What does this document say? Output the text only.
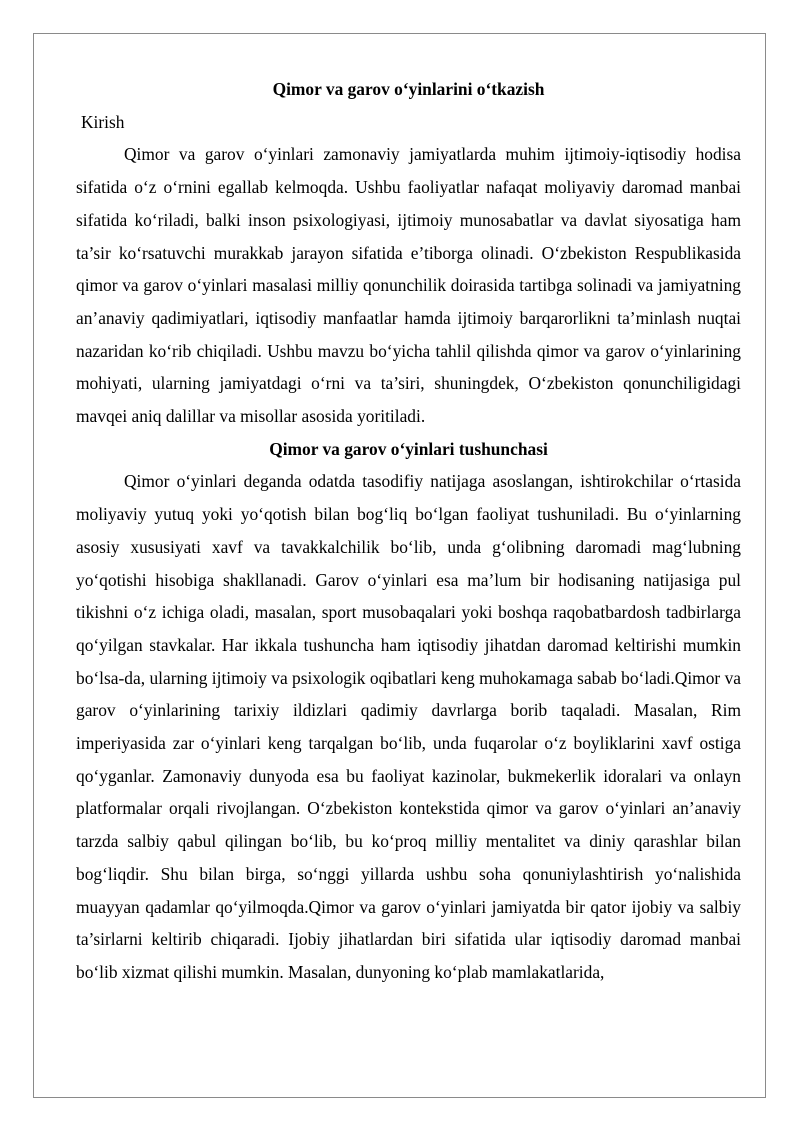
Qimor va garov o‘yinlarini o‘tkazish

Kirish

Qimor va garov o‘yinlari zamonaviy jamiyatlarda muhim ijtimoiy-iqtisodiy hodisa sifatida o‘z o‘rnini egallab kelmoqda. Ushbu faoliyatlar nafaqat moliyaviy daromad manbai sifatida ko‘riladi, balki inson psixologiyasi, ijtimoiy munosabatlar va davlat siyosatiga ham ta’sir ko‘rsatuvchi murakkab jarayon sifatida e’tiborga olinadi. O‘zbekiston Respublikasida qimor va garov o‘yinlari masalasi milliy qonunchilik doirasida tartibga solinadi va jamiyatning an’anaviy qadimiyatlari, iqtisodiy manfaatlar hamda ijtimoiy barqarorlikni ta’minlash nuqtai nazaridan ko‘rib chiqiladi. Ushbu mavzu bo‘yicha tahlil qilishda qimor va garov o‘yinlarining mohiyati, ularning jamiyatdagi o‘rni va ta’siri, shuningdek, O‘zbekiston qonunchiligidagi mavqei aniq dalillar va misollar asosida yoritiladi.

Qimor va garov o‘yinlari tushunchasi

Qimor o‘yinlari deganda odatda tasodifiy natijaga asoslangan, ishtirokchilar o‘rtasida moliyaviy yutuq yoki yo‘qotish bilan bog‘liq bo‘lgan faoliyat tushuniladi. Bu o‘yinlarning asosiy xususiyati xavf va tavakkalchilik bo‘lib, unda g‘olibning daromadi mag‘lubning yo‘qotishi hisobiga shakllanadi. Garov o‘yinlari esa ma’lum bir hodisaning natijasiga pul tikishni o‘z ichiga oladi, masalan, sport musobaqalari yoki boshqa raqobatbardosh tadbirlarga qo‘yilgan stavkalar. Har ikkala tushuncha ham iqtisodiy jihatdan daromad keltirishi mumkin bo‘lsa-da, ularning ijtimoiy va psixologik oqibatlari keng muhokamaga sabab bo‘ladi.Qimor va garov o‘yinlarining tarixiy ildizlari qadimiy davrlarga borib taqaladi. Masalan, Rim imperiyasida zar o‘yinlari keng tarqalgan bo‘lib, unda fuqarolar o‘z boyliklarini xavf ostiga qo‘yganlar. Zamonaviy dunyoda esa bu faoliyat kazinolar, bukmekerlik idoralari va onlayn platformalar orqali rivojlangan. O‘zbekiston kontekstida qimor va garov o‘yinlari an’anaviy tarzda salbiy qabul qilingan bo‘lib, bu ko‘proq milliy mentalitet va diniy qarashlar bilan bog‘liqdir. Shu bilan birga, so‘nggi yillarda ushbu soha qonuniylashtirish yo‘nalishida muayyan qadamlar qo‘yilmoqda.Qimor va garov o‘yinlari jamiyatda bir qator ijobiy va salbiy ta’sirlarni keltirib chiqaradi. Ijobiy jihatlardan biri sifatida ular iqtisodiy daromad manbai bo‘lib xizmat qilishi mumkin. Masalan, dunyoning ko‘plab mamlakatlarida,
